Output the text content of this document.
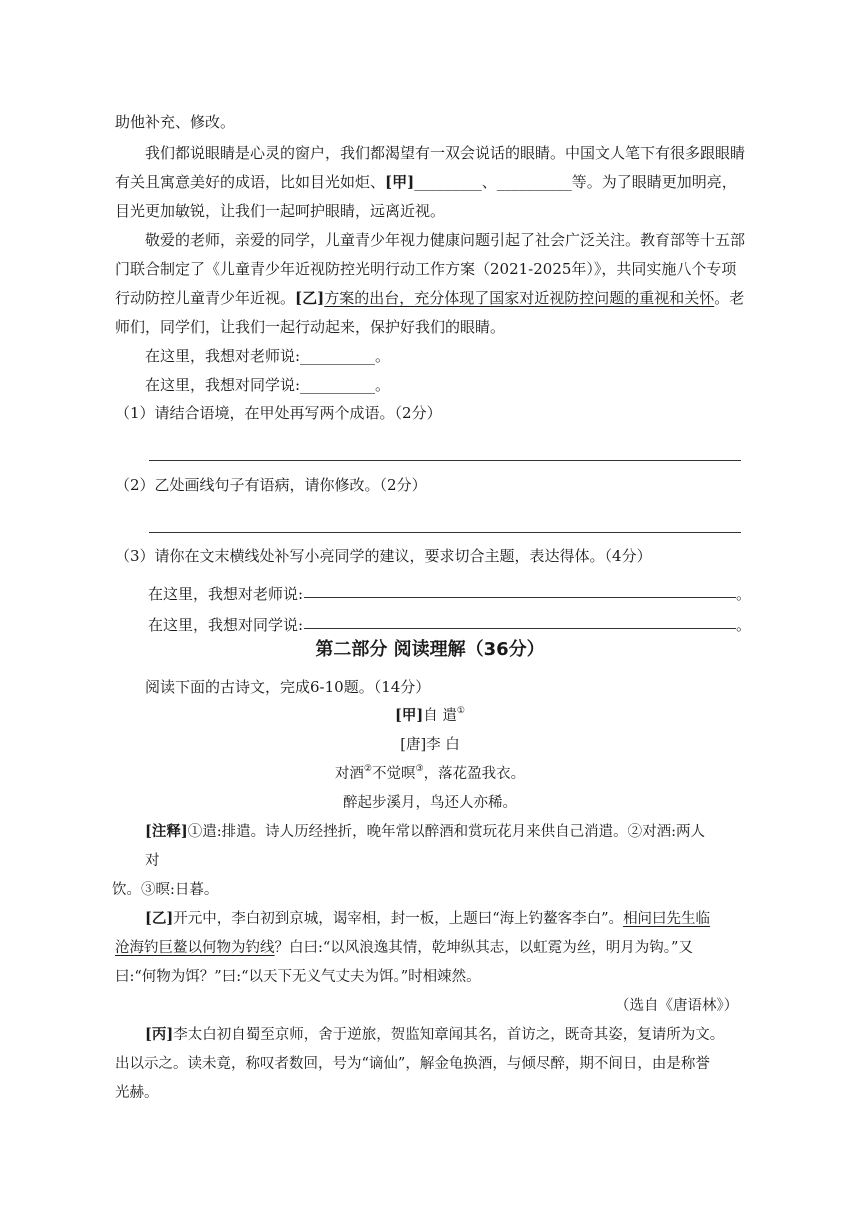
助他补充、修改。
我们都说眼睛是心灵的窗户，我们都渴望有一双会说话的眼睛。中国文人笔下有很多跟眼睛
有关且寓意美好的成语，比如目光如炬、[甲]_________、__________等。为了眼睛更加明亮，
目光更加敏锐，让我们一起呵护眼睛，远离近视。
敬爱的老师，亲爱的同学，儿童青少年视力健康问题引起了社会广泛关注。教育部等十五部
门联合制定了《儿童青少年近视防控光明行动工作方案（2021-2025年）》，共同实施八个专项
行动防控儿童青少年近视。[乙]方案的出台，充分体现了国家对近视防控问题的重视和关怀。老
师们，同学们，让我们一起行动起来，保护好我们的眼睛。
在这里，我想对老师说:__________。
在这里，我想对同学说:__________。
（1）请结合语境，在甲处再写两个成语。（2分）
（2）乙处画线句子有语病，请你修改。（2分）
（3）请你在文末横线处补写小亮同学的建议，要求切合主题，表达得体。（4分）
在这里，我想对老师说:	。
在这里，我想对同学说:	。
第二部分 阅读理解（36分）
阅读下面的古诗文，完成6-10题。（14分）
[甲]自 遣①
[唐]李 白
对酒②不觉暝③，落花盈我衣。
醉起步溪月，鸟还人亦稀。
[注释]①遣:排遣。诗人历经挫折，晚年常以醉酒和赏玩花月来供自己消遣。②对酒:两人
对
饮。③暝:日暮。
[乙]开元中，李白初到京城，谒宰相，封一板，上题曰“海上钓鳌客李白”。相问曰先生临
沧海钓巨鳌以何物为钓线？白曰:“以风浪逸其情，乾坤纵其志，以虹霓为丝，明月为钩。”又
曰:“何物为饵？”曰:“以天下无义气丈夫为饵。”时相竦然。
（选自《唐语林》）
[丙]李太白初自蜀至京师，舍于逆旅，贺监知章闻其名，首访之，既奇其姿，复请所为文。
出以示之。读未竟，称叹者数回，号为“谪仙”，解金龟换酒，与倾尽醉，期不间日，由是称誉
光赫。
